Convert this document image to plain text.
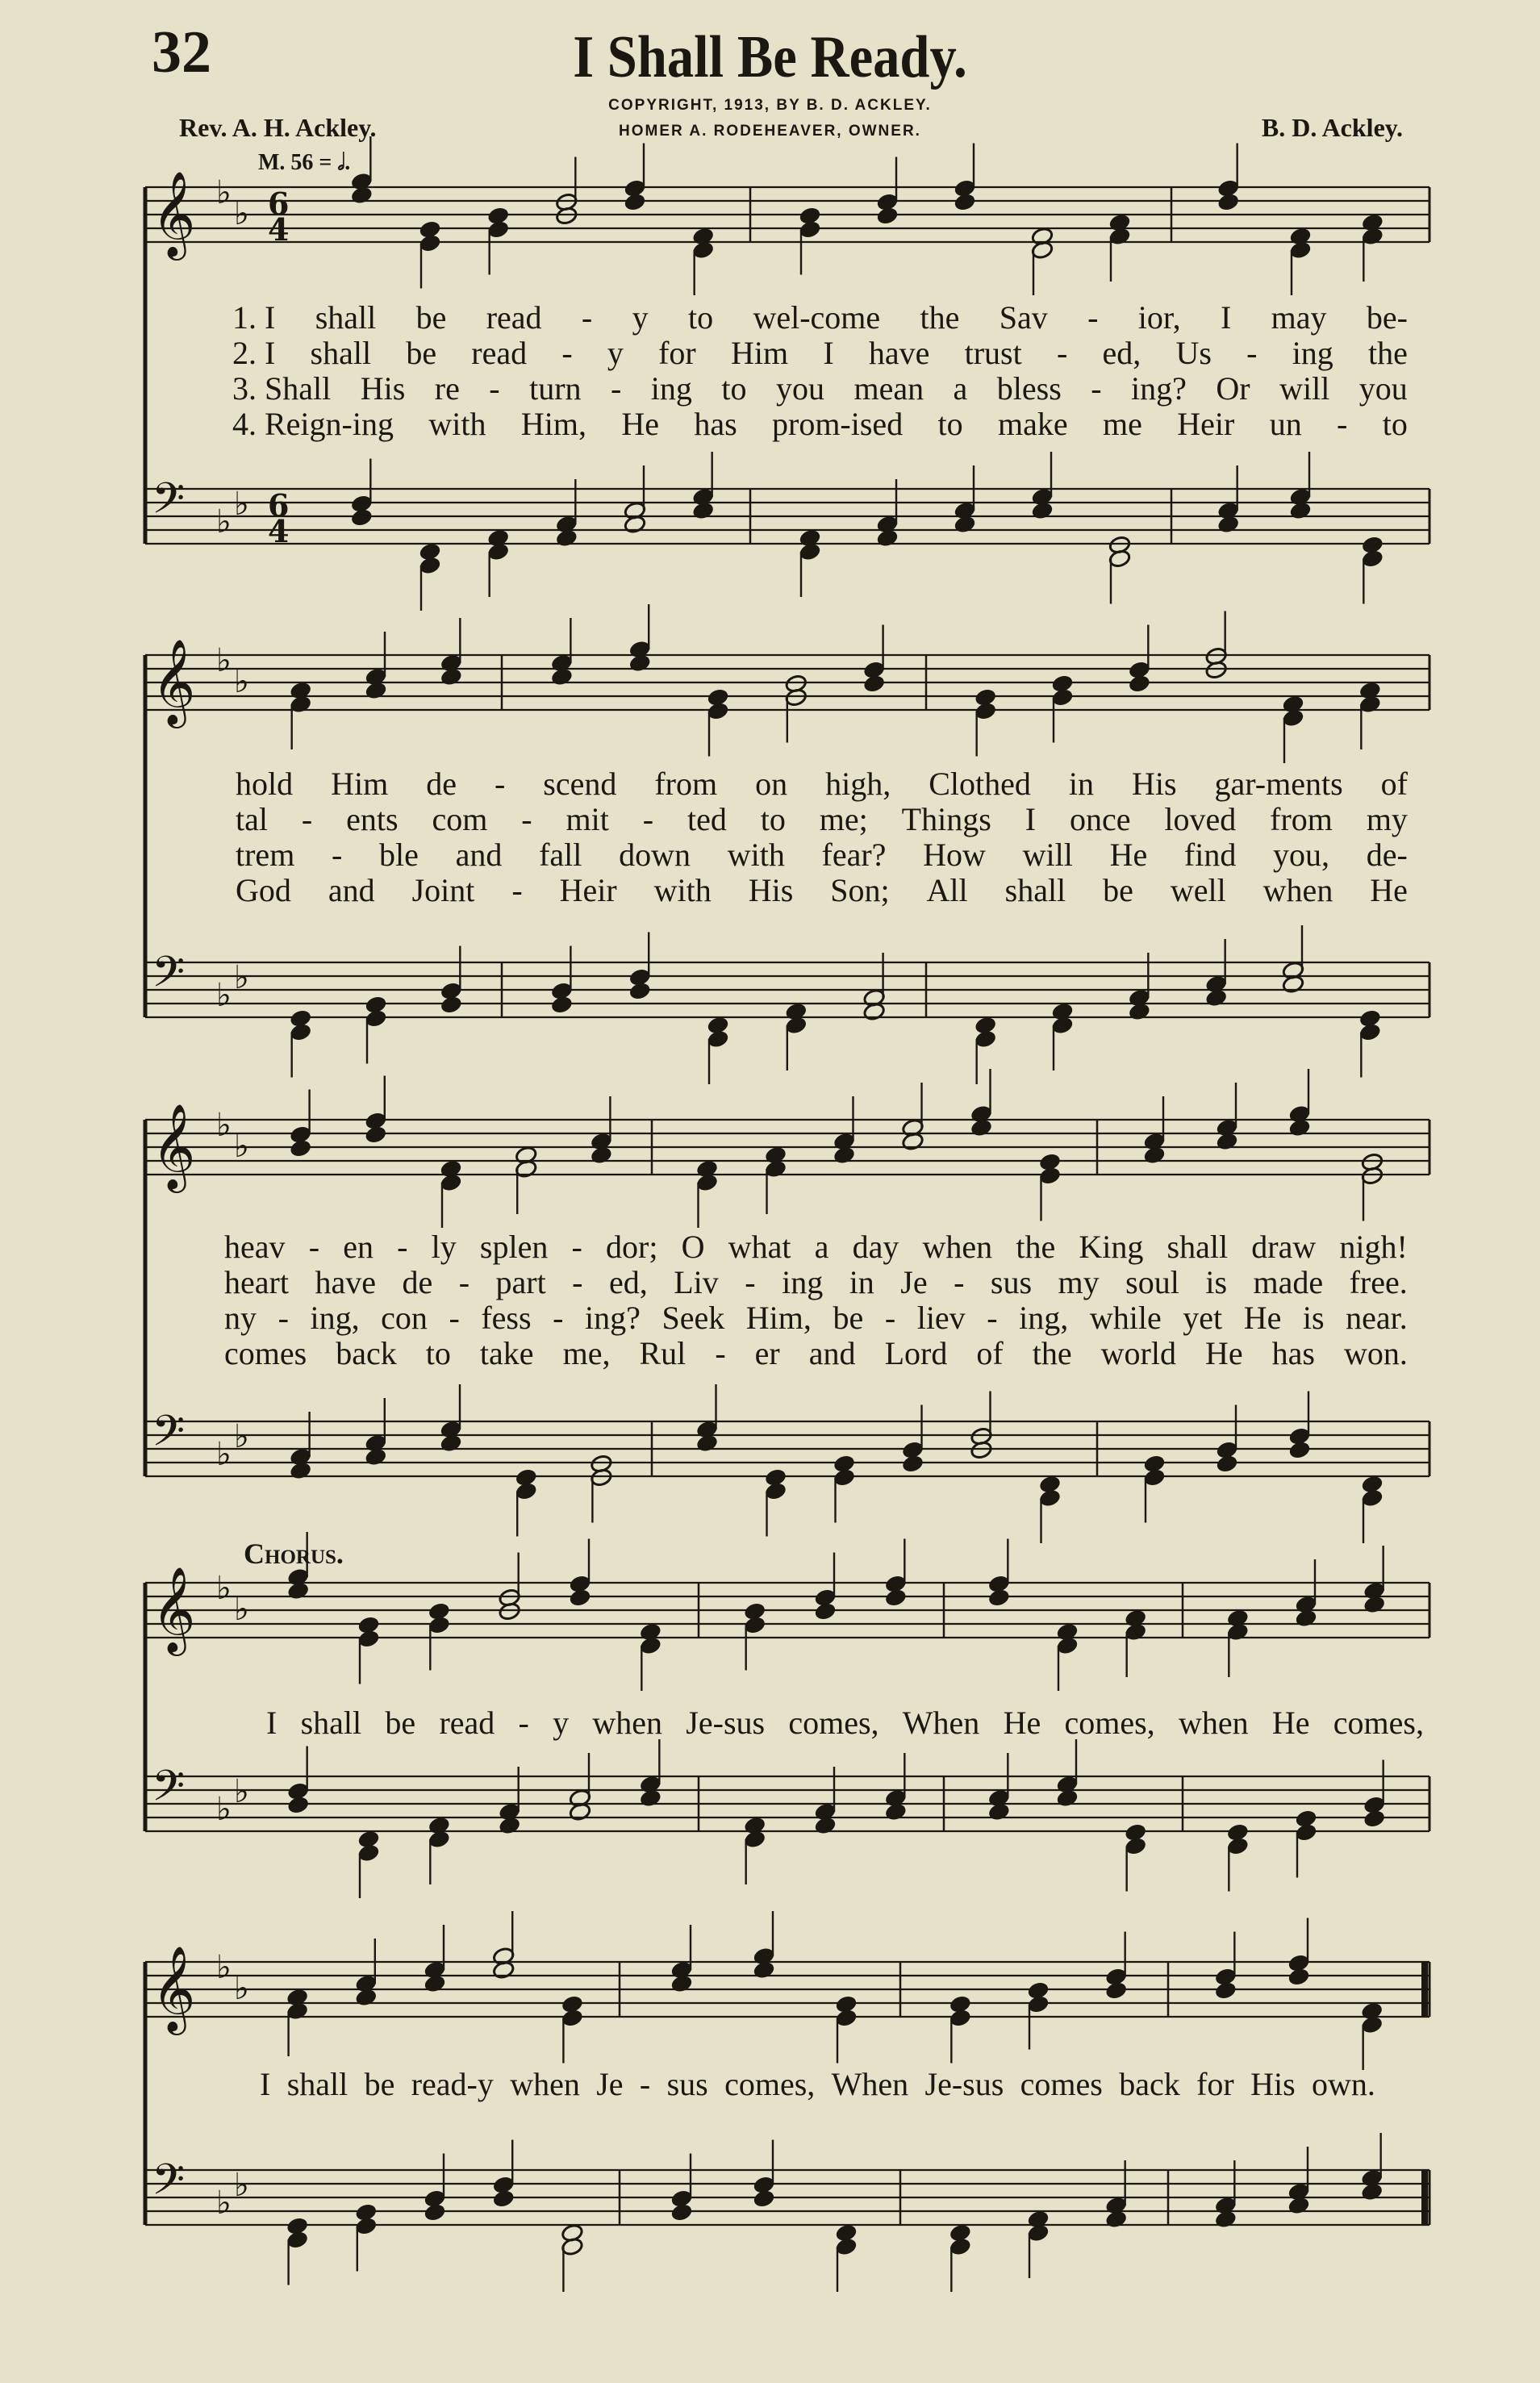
32	I Shall Be Ready.
COPYRIGHT, 1913, BY B. D. ACKLEY.
HOMER A. RODEHEAVER, OWNER.
Rev. A. H. Ackley.	B. D. Ackley.
M. 56 = 𝅗𝅥.
𝄞 ♭
♭ 6
4
𝄢 ♭ ♭ 6
4
𝄞 ♭
♭
𝄢 ♭ ♭
𝄞 ♭
♭
𝄢 ♭ ♭
𝄞 ♭
♭
𝄢 ♭ ♭
𝄞 ♭
♭
𝄢 ♭ ♭
1. I shall be read - y to wel-come the Sav - ior, I may be-
2. I shall be read - y for Him I have trust - ed, Us - ing the
3. Shall His re - turn - ing to you mean a bless - ing? Or will you
4. Reign-ing with Him, He has prom-ised to make me Heir un - to
hold Him de - scend from on high, Clothed in His gar-ments of
tal - ents com - mit - ted to me; Things I once loved from my
trem - ble and fall down with fear? How will He find you, de-
God and Joint - Heir with His Son; All shall be well when He
heav - en - ly splen - dor; O what a day when the King shall draw nigh!
heart have de - part - ed, Liv - ing in Je - sus my soul is made free.
ny - ing, con - fess - ing? Seek Him, be - liev - ing, while yet He is near.
comes back to take me, Rul - er and Lord of the world He has won.
I shall be read - y when Je-sus comes, When He comes, when He comes,
I shall be read-y when Je - sus comes, When Je-sus comes back for His own.
Chorus.
